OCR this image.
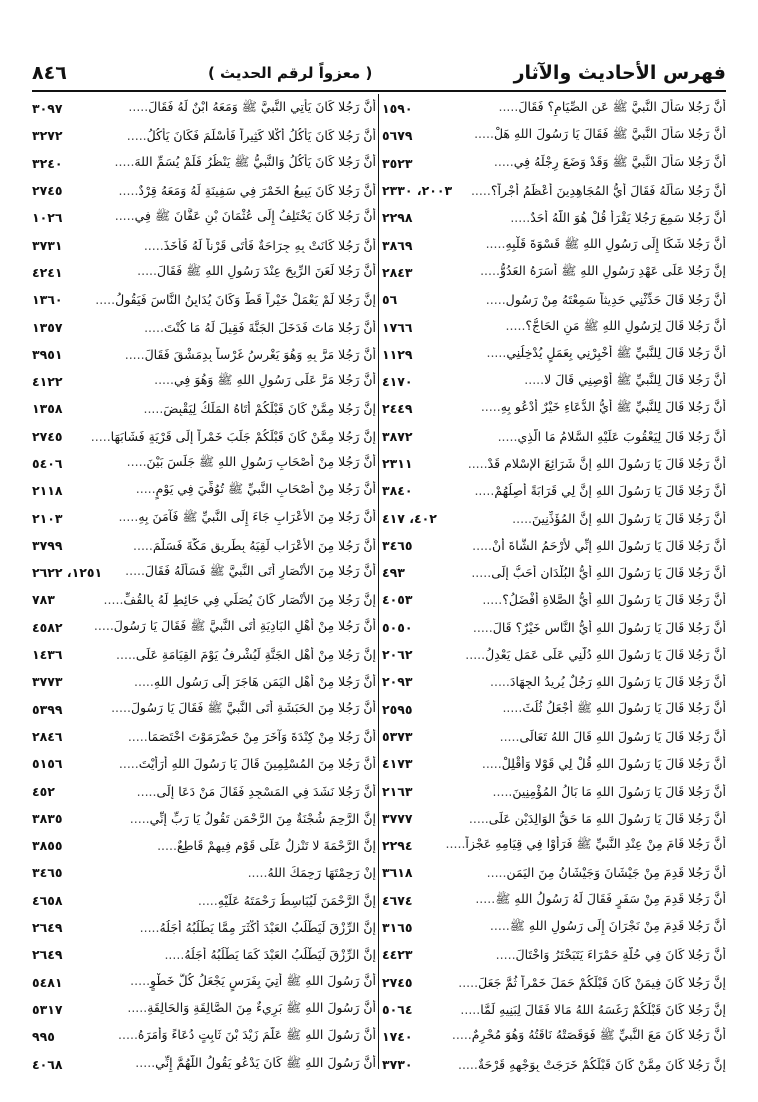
فهرس الأحاديث والآثار
( معزواً لرقم الحديث )
٨٤٦
أنَّ رَجُلا سَأَلَ النَّبيَّ ﷺ عَن الصِّيَامِ؟ فَقَالَ .....
١٥٩٠
أنَّ رَجُلا سَأَلَ النَّبيَّ ﷺ فَقَالَ يَا رَسُولَ اللهِ هَلْ .....
٥٦٧٩
أنَّ رَجُلا سَأَلَ النَّبيَّ ﷺ وَقَدْ وَضَعَ رِجْلَهُ فِي .....
٣٥٢٣
أنَّ رَجُلا سَأَلَهُ فَقَالَ أَيُّ المُجَاهِدِينَ أَعْظَمُ أَجْراً؟ .....
٢٠٠٣، ٢٣٣٠
أنَّ رَجُلا سَمِعَ رَجُلا يَقْرَأُ قُلْ هُوَ اللَّهُ أَحَدٌ .....
٢٢٩٨
أنَّ رَجُلا شَكَا إِلَى رَسُولِ اللهِ ﷺ قَسْوَةَ قَلْبِهِ .....
٣٨٦٩
إنَّ رَجُلا عَلَى عَهْدِ رَسُولِ اللهِ ﷺ أَسَرَهُ العَدُوُّ .....
٢٨٤٣
أنَّ رَجُلا قَالَ حَدِّثْنِي حَدِيثاً سَمِعْتَهُ مِنْ رَسُولِ .....
٥٦
أنَّ رَجُلا قَالَ لِرَسُولِ اللهِ ﷺ مَنِ الحَاجُّ؟ .....
١٧٦٦
أنَّ رَجُلا قَالَ لِلنَّبيِّ ﷺ أَخْبِرْنِي بِعَمَلٍ يُدْخِلُنِي .....
١١٢٩
أنَّ رَجُلا قَالَ لِلنَّبيِّ ﷺ أَوْصِنِي قَالَ لا .....
٤١٧٠
أنَّ رَجُلا قَالَ لِلنَّبيِّ ﷺ أَيُّ الدُّعَاءِ خَيْرٌ أَدْعُو بِهِ .....
٢٤٤٩
أنَّ رَجُلا قَالَ لِيَعْقُوبَ عَلَيْهِ السَّلامُ مَا الَّذِي .....
٣٨٧٢
أنَّ رَجُلا قَالَ يَا رَسُولَ اللهِ إِنَّ شَرَائِعَ الإِسْلامِ قَدْ .....
٢٣١١
أنَّ رَجُلا قَالَ يَا رَسُولَ اللهِ إِنَّ لِي قَرَابَةً أَصِلُهُمْ .....
٣٨٤٠
أنَّ رَجُلا قَالَ يَا رَسُولَ اللهِ إِنَّ المُؤَذِّنِينَ .....
٤٠٢، ٤١٧
أنَّ رَجُلا قَالَ يَا رَسُولَ اللهِ إِنِّي لأَرْحَمُ الشَّاةَ أَنْ .....
٣٤٦٥
أنَّ رَجُلا قَالَ يَا رَسُولَ اللهِ أَيُّ البُلْدَانِ أَحَبُّ إِلَى .....
٤٩٣
أنَّ رَجُلا قَالَ يَا رَسُولَ اللهِ أَيُّ الصَّلاةِ أَفْضَلُ؟ .....
٤٠٥٣
أنَّ رَجُلا قَالَ يَا رَسُولَ اللهِ أَيُّ النَّاسِ خَيْرٌ؟ قَالَ .....
٥٠٥٠
أنَّ رَجُلا قَالَ يَا رَسُولَ اللهِ دُلَّنِي عَلَى عَمَلٍ يَعْدِلُ .....
٢٠٦٢
أنَّ رَجُلا قَالَ يَا رَسُولَ اللهِ رَجُلٌ يُرِيدُ الجِهَادَ .....
٢٠٩٣
أنَّ رَجُلا قَالَ يَا رَسُولَ اللهِ ﷺ أَجْعَلُ ثُلُثَ .....
٢٥٩٥
أنَّ رَجُلا قَالَ يَا رَسُولَ اللهِ قَالَ اللهُ تَعَالَى .....
٥٣٧٣
أنَّ رَجُلا قَالَ يَا رَسُولَ اللهِ قُلْ لِي قَوْلا وَأَقْلِلْ .....
٤١٧٣
أنَّ رَجُلا قَالَ يَا رَسُولَ اللهِ مَا بَالُ المُؤْمِنِينَ .....
٢١٦٣
أنَّ رَجُلا قَالَ يَا رَسُولَ اللهِ مَا حَقُّ الوَالِدَيْنِ عَلَى .....
٣٧٧٧
أنَّ رَجُلا قَامَ مِنْ عِنْدِ النَّبيِّ ﷺ فَرَأَوْا فِي قِيَامِهِ عَجْزاً .....
٢٢٩٤
أنَّ رَجُلا قَدِمَ مِنْ جَيْشَانَ وَجَيْشَانُ مِنَ اليَمَنِ .....
٣٦١٨
أنَّ رَجُلا قَدِمَ مِنْ سَفَرٍ فَقَالَ لَهُ رَسُولُ اللهِ ﷺ .....
٤٦٧٤
أنَّ رَجُلا قَدِمَ مِنْ نَجْرَانَ إِلَى رَسُولِ اللهِ ﷺ .....
٣١٦٥
أنَّ رَجُلا كَانَ فِي حُلَّةٍ حَمْرَاءَ يَتَبَخْتَرُ وَاخْتَالَ .....
٤٤٢٣
إنَّ رَجُلا كَانَ فِيمَنْ كَانَ قَبْلَكُمْ حَمَلَ خَمْراً ثُمَّ جَعَلَ .....
٢٧٤٥
إنَّ رَجُلا كَانَ قَبْلَكُمْ رَغَسَهُ اللهُ مَالا فَقَالَ لِبَنِيهِ لَمَّا .....
٥٠٦٤
أنَّ رَجُلا كَانَ مَعَ النَّبيِّ ﷺ فَوَقَصَتْهُ نَاقَتُهُ وَهُوَ مُحْرِمٌ .....
١٧٤٠
إنَّ رَجُلا كَانَ مِمَّنْ كَانَ قَبْلَكُمْ خَرَجَتْ بِوَجْهِهِ قَرْحَةٌ .....
٣٧٣٠
أنَّ رَجُلا كَانَ يَأْتِي النَّبيَّ ﷺ وَمَعَهُ ابْنٌ لَهُ فَقَالَ .....
٣٠٩٧
أنَّ رَجُلا كَانَ يَأْكُلُ أَكْلا كَثِيراً فَأَسْلَمَ فَكَانَ يَأْكُلُ .....
٣٢٧٢
أنَّ رَجُلا كَانَ يَأْكُلُ وَالنَّبيُّ ﷺ يَنْظُرُ فَلَمْ يُسَمِّ اللهَ .....
٣٢٤٠
أنَّ رَجُلا كَانَ يَبِيعُ الخَمْرَ فِي سَفِينَةٍ لَهُ وَمَعَهُ قِرْدٌ .....
٢٧٤٥
أنَّ رَجُلا كَانَ يَخْتَلِفُ إِلَى عُثْمَانَ بْنِ عَفَّانَ ﷺ فِي .....
١٠٢٦
أنَّ رَجُلا كَانَتْ بِهِ جِرَاحَةٌ فَأَتَى قَرْناً لَهُ فَأَخَذَ .....
٣٧٣١
أنَّ رَجُلا لَعَنَ الرِّيحَ عِنْدَ رَسُولِ اللهِ ﷺ فَقَالَ .....
٤٢٤١
إنَّ رَجُلا لَمْ يَعْمَلْ خَيْراً قَطُّ وَكَانَ يُدَايِنُ النَّاسَ فَيَقُولُ .....
١٣٦٠
أنَّ رَجُلا مَاتَ فَدَخَلَ الجَنَّةَ فَقِيلَ لَهُ مَا كُنْتَ .....
١٣٥٧
أنَّ رَجُلا مَرَّ بِهِ وَهُوَ يَغْرِسُ غَرْساً بِدِمَشْقَ فَقَالَ .....
٣٩٥١
أنَّ رَجُلا مَرَّ عَلَى رَسُولِ اللهِ ﷺ وَهُوَ فِي .....
٤١٢٢
إنَّ رَجُلا مِمَّنْ كَانَ قَبْلَكُمْ أَتَاهُ المَلَكُ لِيَقْبِضَ .....
١٣٥٨
إنَّ رَجُلا مِمَّنْ كَانَ قَبْلَكُمْ جَلَبَ خَمْراً إِلَى قَرْيَةٍ فَشَابَهَا .....
٢٧٤٥
أنَّ رَجُلا مِنْ أَصْحَابِ رَسُولِ اللهِ ﷺ جَلَسَ بَيْنَ .....
٥٤٠٦
أنَّ رَجُلا مِنْ أَصْحَابِ النَّبيِّ ﷺ تُوُفِّيَ فِي يَوْمٍ .....
٢١١٨
أنَّ رَجُلا مِنَ الأَعْرَابِ جَاءَ إِلَى النَّبيِّ ﷺ فَآمَنَ بِهِ .....
٢١٠٣
أنَّ رَجُلا مِنَ الأَعْرَابِ لَقِيَهُ بِطَرِيقِ مَكَّةَ فَسَلَّمَ .....
٣٧٩٩
أنَّ رَجُلا مِنَ الأَنْصَارِ أَتَى النَّبيَّ ﷺ فَسَأَلَهُ فَقَالَ .....
١٢٥١، ٢٦٢٢
إنَّ رَجُلا مِنَ الأَنْصَارِ كَانَ يُصَلِّي فِي حَائِطٍ لَهُ بِالقُفِّ .....
٧٨٣
أنَّ رَجُلا مِنْ أَهْلِ البَادِيَةِ أَتَى النَّبيَّ ﷺ فَقَالَ يَا رَسُولَ .....
٤٥٨٢
إنَّ رَجُلا مِنْ أَهْلِ الجَنَّةِ لَيُشْرِفُ يَوْمَ القِيَامَةِ عَلَى .....
١٤٣٦
أنَّ رَجُلا مِنْ أَهْلِ اليَمَنِ هَاجَرَ إِلَى رَسُولِ اللهِ .....
٣٧٧٣
أنَّ رَجُلا مِنَ الحَبَشَةِ أَتَى النَّبيَّ ﷺ فَقَالَ يَا رَسُولَ .....
٥٣٩٩
أنَّ رَجُلا مِنْ كِنْدَةَ وَآخَرَ مِنْ حَضْرَمَوْتَ اخْتَصَمَا .....
٢٨٤٦
أنَّ رَجُلا مِنَ المُسْلِمِينَ قَالَ يَا رَسُولَ اللهِ أَرَأَيْتَ .....
٥١٥٦
أنَّ رَجُلا نَشَدَ فِي المَسْجِدِ فَقَالَ مَنْ دَعَا إِلَى .....
٤٥٢
إنَّ الرَّحِمَ شُجْنَةٌ مِنَ الرَّحْمَنِ تَقُولُ يَا رَبِّ إِنِّي .....
٣٨٣٥
إنَّ الرَّحْمَةَ لا تَنْزِلُ عَلَى قَوْمٍ فِيهِمْ قَاطِعٌ .....
٣٨٥٥
إنْ رَحِمْتَهَا رَحِمَكَ اللهُ .....
٣٤٦٥
إنَّ الرَّحْمَنَ لَيُبَاسِطُ رَحْمَتَهُ عَلَيْهِ .....
٤٦٥٨
إنَّ الرِّزْقَ لَيَطْلُبُ العَبْدَ أَكْثَرَ مِمَّا يَطْلُبُهُ أَجَلُهُ .....
٢٦٤٩
إنَّ الرِّزْقَ لَيَطْلُبُ العَبْدَ كَمَا يَطْلُبُهُ أَجَلُهُ .....
٢٦٤٩
أنَّ رَسُولَ اللهِ ﷺ أُتِيَ بِفَرَسٍ يَجْعَلُ كُلَّ خَطْوٍ .....
٥٤٨١
أنَّ رَسُولَ اللهِ ﷺ بَرِيءٌ مِنَ الصَّالِقَةِ وَالحَالِقَةِ .....
٥٣١٧
أنَّ رَسُولَ اللهِ ﷺ عَلَّمَ زَيْدَ بْنَ ثَابِتٍ دُعَاءً وَأَمَرَهُ .....
٩٩٥
أنَّ رَسُولَ اللهِ ﷺ كَانَ يَدْعُو يَقُولُ اللَّهُمَّ إِنِّي .....
٤٠٦٨
